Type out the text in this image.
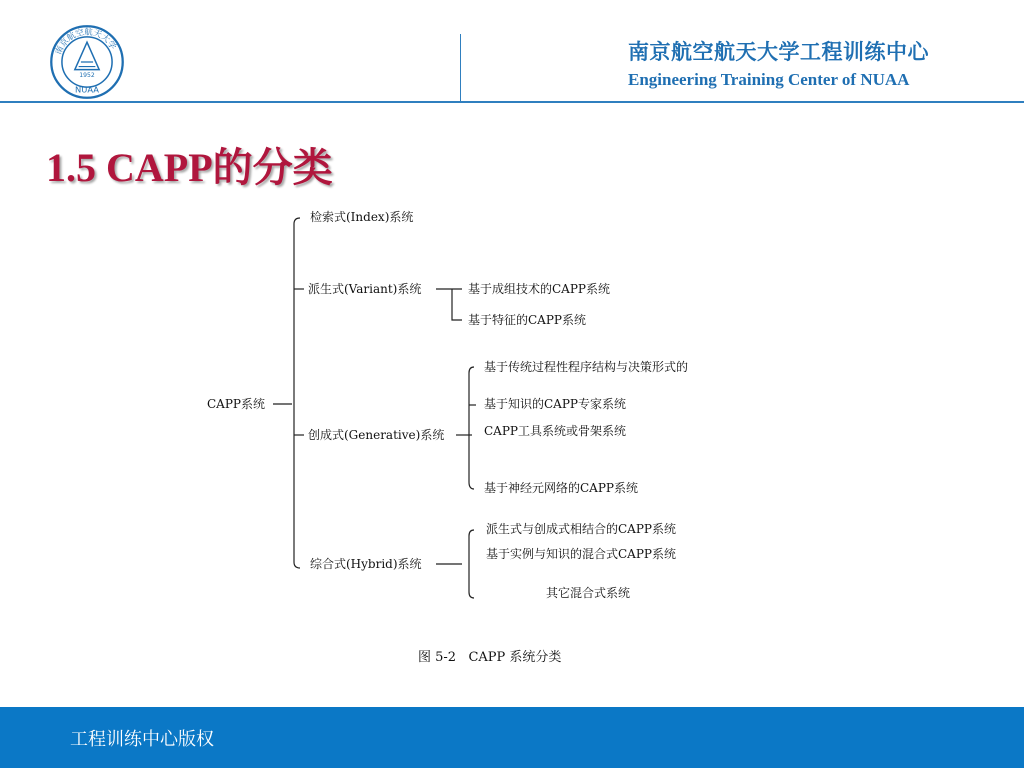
南京航空航天大学
1952
NUAA
南京航空航天大学工程训练中心
Engineering Training Center of NUAA
1.5 CAPP的分类
CAPP系统
检索式(Index)系统
派生式(Variant)系统	基于成组技术的CAPP系统
基于特征的CAPP系统
创成式(Generative)系统
基于传统过程性程序结构与决策形式的
基于知识的CAPP专家系统
CAPP工具系统或骨架系统
基于神经元网络的CAPP系统
综合式(Hybrid)系统
派生式与创成式相结合的CAPP系统
基于实例与知识的混合式CAPP系统
其它混合式系统
图 5-2   CAPP 系统分类
工程训练中心版权
